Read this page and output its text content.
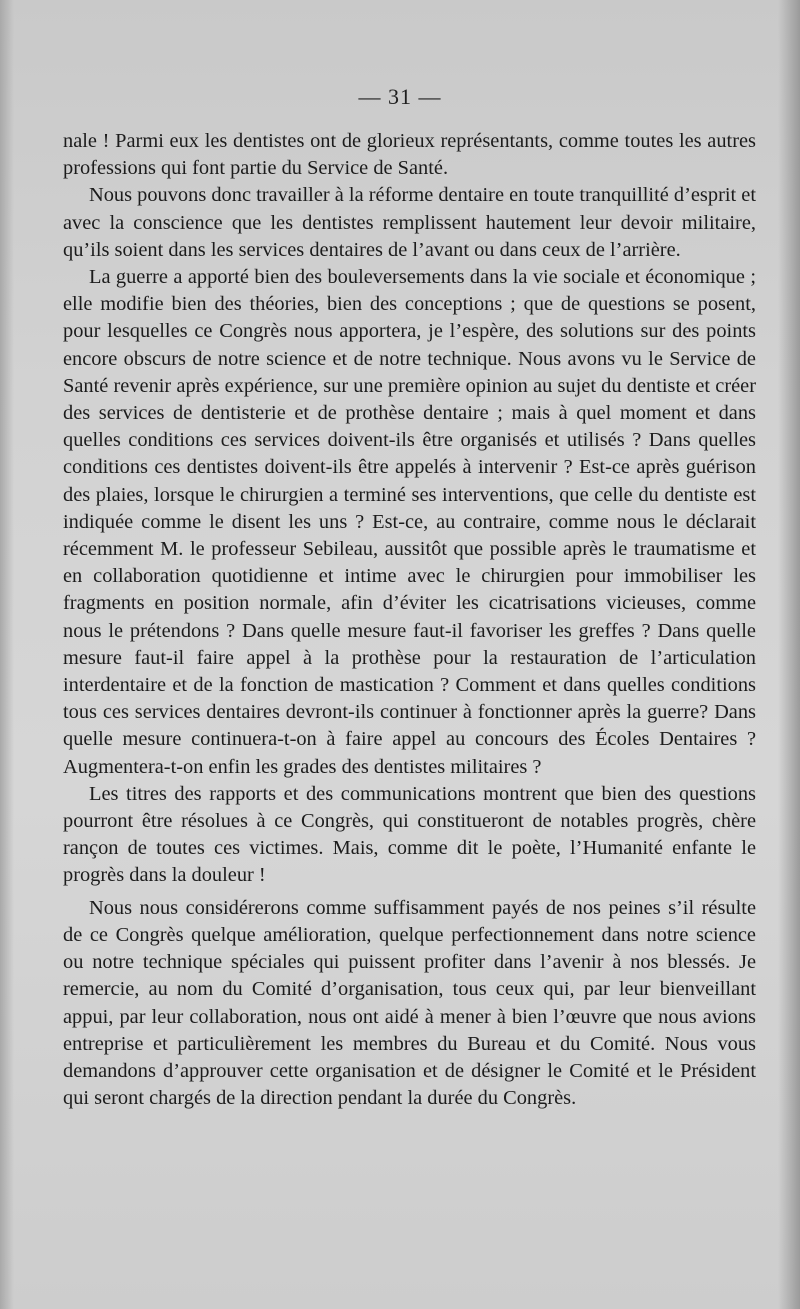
— 31 —

nale ! Parmi eux les dentistes ont de glorieux représentants, comme toutes les autres professions qui font partie du Service de Santé.

Nous pouvons donc travailler à la réforme dentaire en toute tranquillité d’esprit et avec la conscience que les dentistes remplissent hautement leur devoir militaire, qu’ils soient dans les services dentaires de l’avant ou dans ceux de l’arrière.

La guerre a apporté bien des bouleversements dans la vie sociale et économique ; elle modifie bien des théories, bien des conceptions ; que de questions se posent, pour lesquelles ce Congrès nous apportera, je l’espère, des solutions sur des points encore obscurs de notre science et de notre technique. Nous avons vu le Service de Santé revenir après expérience, sur une première opinion au sujet du dentiste et créer des services de dentisterie et de prothèse dentaire ; mais à quel moment et dans quelles conditions ces services doivent-ils être organisés et utilisés ? Dans quelles conditions ces dentistes doivent-ils être appelés à intervenir ? Est-ce après guérison des plaies, lorsque le chirurgien a terminé ses interventions, que celle du dentiste est indiquée comme le disent les uns ? Est-ce, au contraire, comme nous le déclarait récemment M. le professeur Sebileau, aussitôt que possible après le traumatisme et en collaboration quotidienne et intime avec le chirurgien pour immobiliser les fragments en position normale, afin d’éviter les cicatrisations vicieuses, comme nous le prétendons ? Dans quelle mesure faut-il favoriser les greffes ? Dans quelle mesure faut-il faire appel à la prothèse pour la restauration de l’articulation interdentaire et de la fonction de mastication ? Comment et dans quelles conditions tous ces services dentaires devront-ils continuer à fonctionner après la guerre? Dans quelle mesure continuera-t-on à faire appel au concours des Écoles Dentaires ? Augmentera-t-on enfin les grades des dentistes militaires ?

Les titres des rapports et des communications montrent que bien des questions pourront être résolues à ce Congrès, qui constitueront de notables progrès, chère rançon de toutes ces victimes. Mais, comme dit le poète, l’Humanité enfante le progrès dans la douleur !

Nous nous considérerons comme suffisamment payés de nos peines s’il résulte de ce Congrès quelque amélioration, quelque perfectionnement dans notre science ou notre technique spéciales qui puissent profiter dans l’avenir à nos blessés. Je remercie, au nom du Comité d’organisation, tous ceux qui, par leur bienveillant appui, par leur collaboration, nous ont aidé à mener à bien l’œuvre que nous avions entreprise et particulièrement les membres du Bureau et du Comité. Nous vous demandons d’approuver cette organisation et de désigner le Comité et le Président qui seront chargés de la direction pendant la durée du Congrès.
